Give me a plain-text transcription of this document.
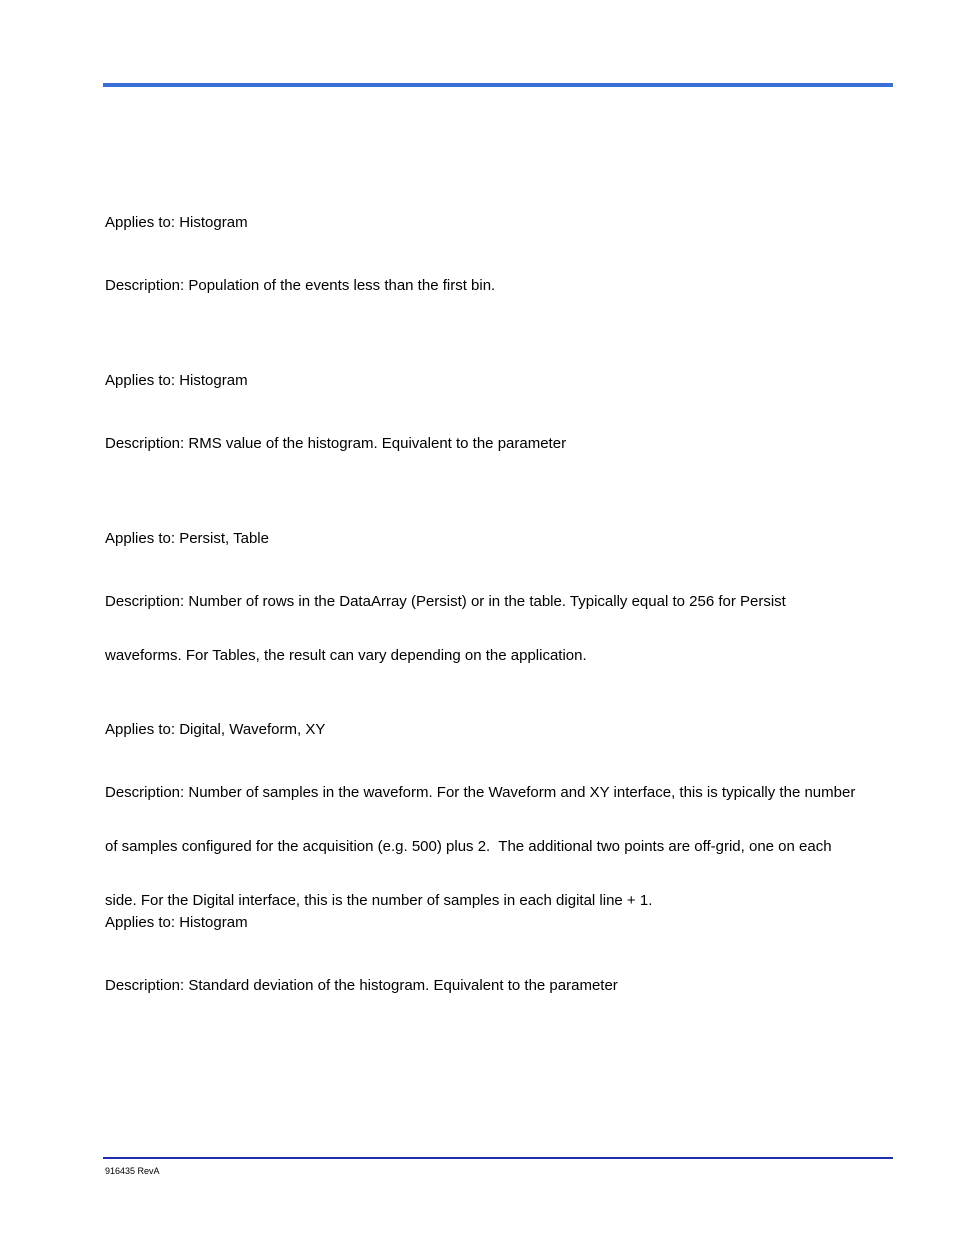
Applies to: Histogram

Description: Population of the events less than the first bin.

Applies to: Histogram

Description: RMS value of the histogram. Equivalent to the parameter

Applies to: Persist, Table

Description: Number of rows in the DataArray (Persist) or in the table. Typically equal to 256 for Persist

waveforms. For Tables, the result can vary depending on the application.

Applies to: Digital, Waveform, XY

Description: Number of samples in the waveform. For the Waveform and XY interface, this is typically the number

of samples configured for the acquisition (e.g. 500) plus 2.  The additional two points are off-grid, one on each

side. For the Digital interface, this is the number of samples in each digital line + 1.

Applies to: Histogram

Description: Standard deviation of the histogram. Equivalent to the parameter

916435 RevA
